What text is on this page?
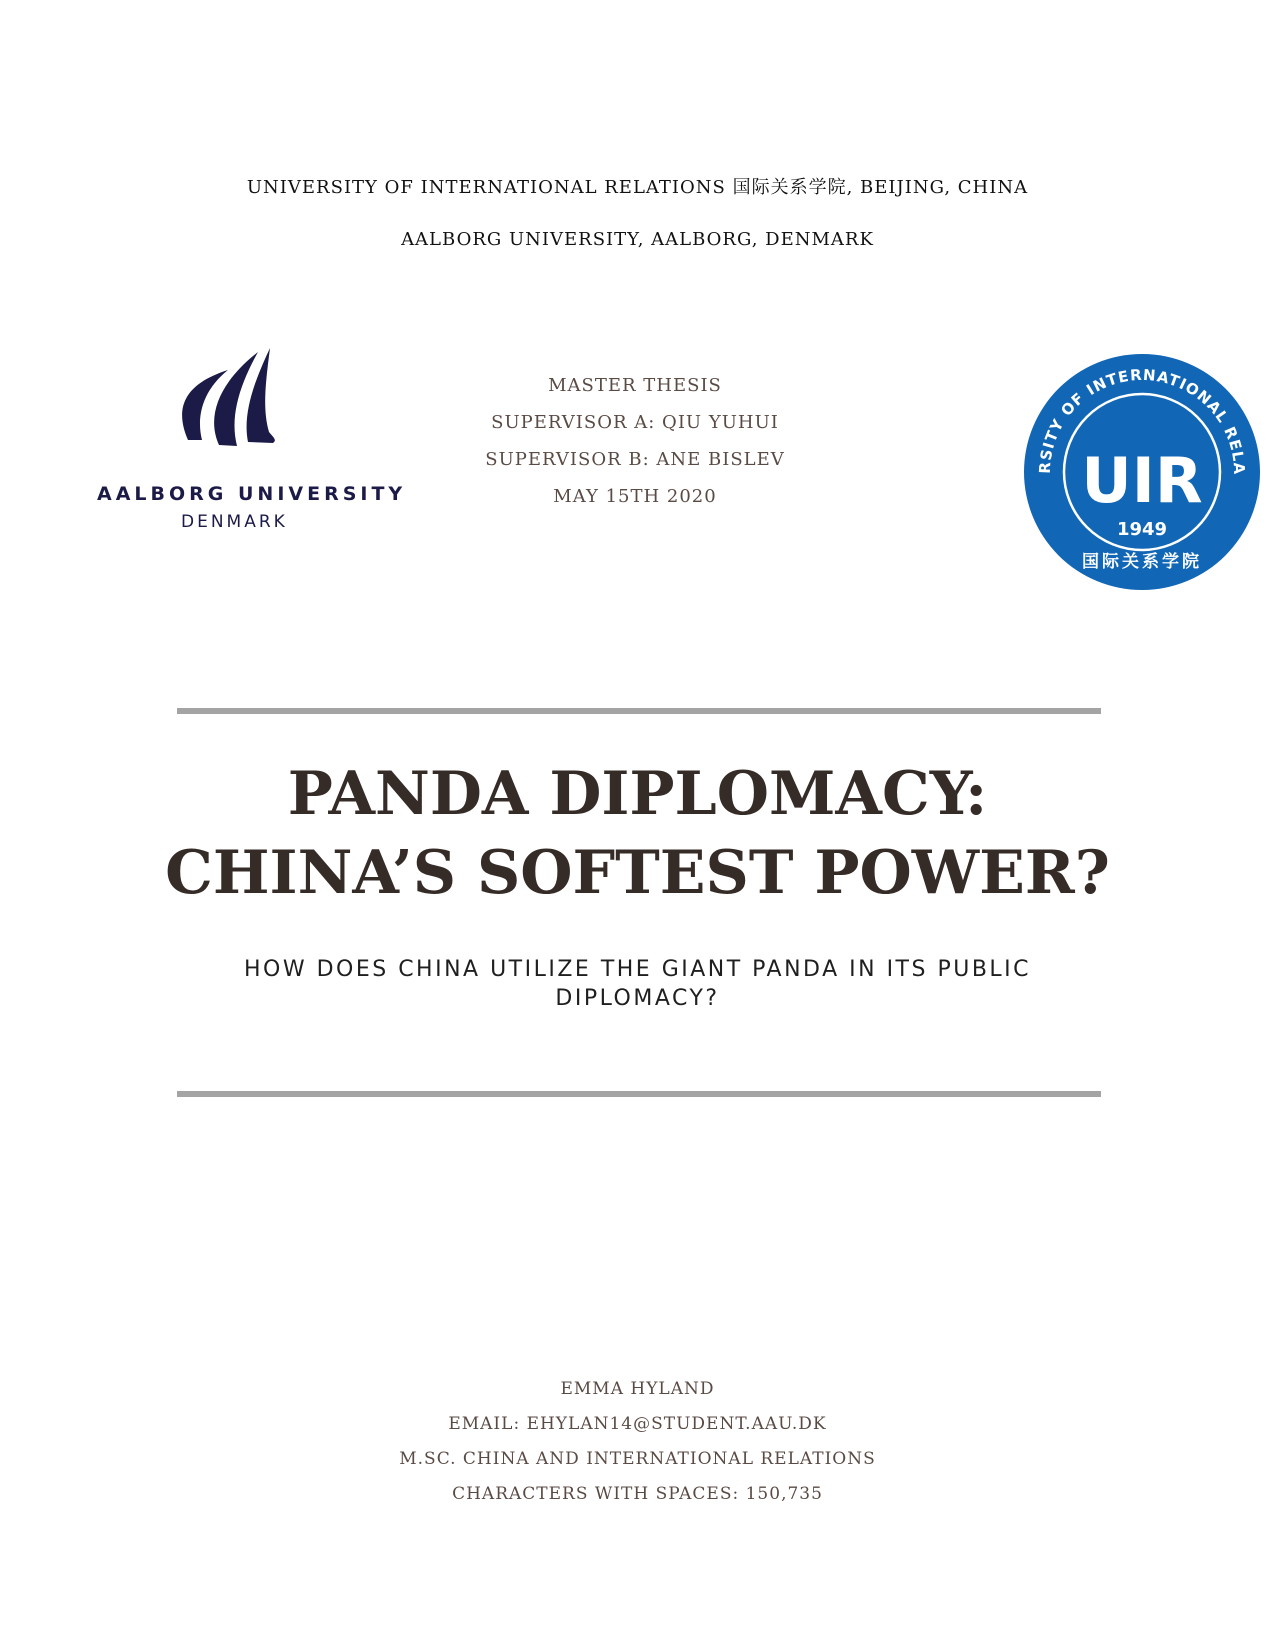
UNIVERSITY OF INTERNATIONAL RELATIONS 国际关系学院, BEIJING, CHINA
AALBORG UNIVERSITY, AALBORG, DENMARK
AALBORG UNIVERSITY
DENMARK
MASTER THESIS
SUPERVISOR A: QIU YUHUI
SUPERVISOR B: ANE BISLEV
MAY 15TH 2020
RSITY OF INTERNATIONAL RELA
UIR
1949
国际关系学院
PANDA DIPLOMACY:
CHINA’S SOFTEST POWER?
HOW DOES CHINA UTILIZE THE GIANT PANDA IN ITS PUBLIC DIPLOMACY?
EMMA HYLAND
EMAIL: EHYLAN14@STUDENT.AAU.DK
M.SC. CHINA AND INTERNATIONAL RELATIONS
CHARACTERS WITH SPACES: 150,735
